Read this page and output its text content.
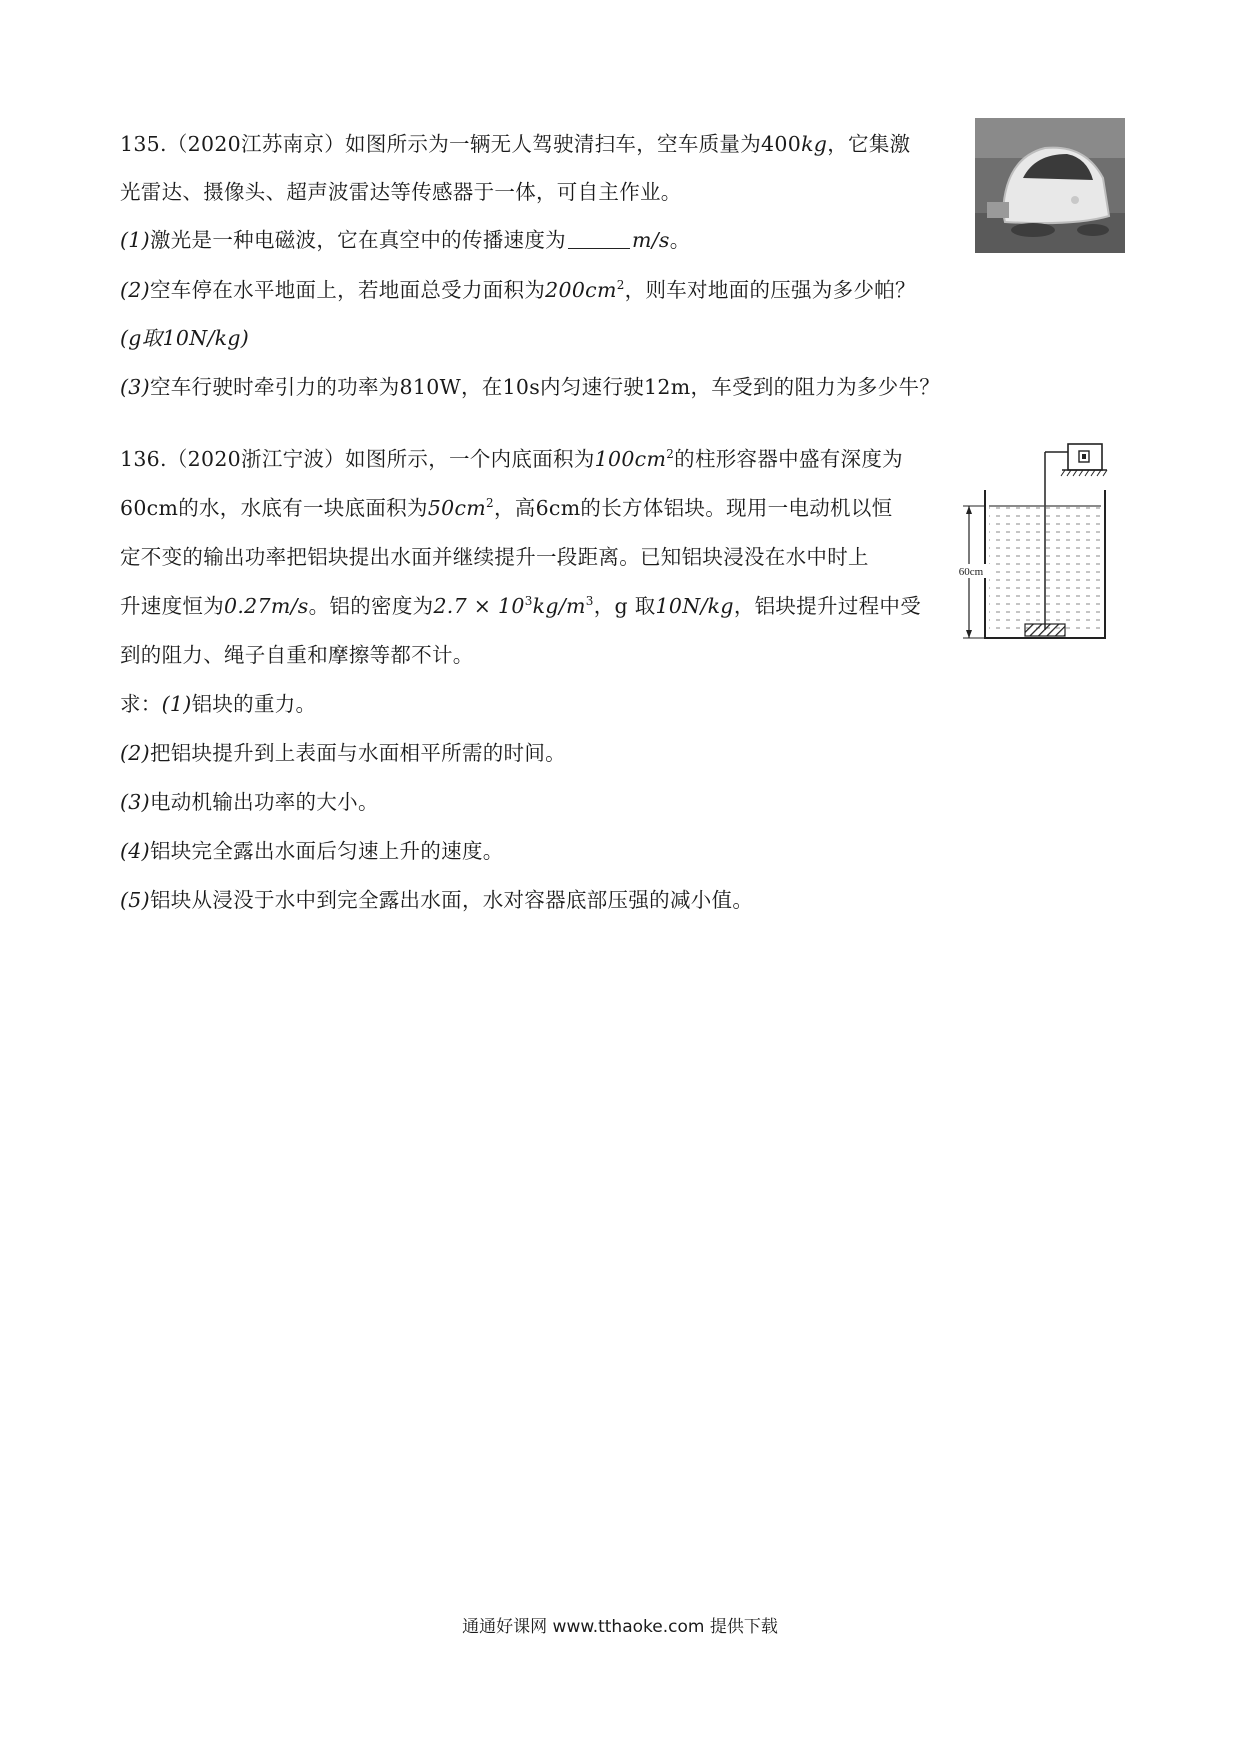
135.（2020江苏南京）如图所示为一辆无人驾驶清扫车，空车质量为400kg，它集激
光雷达、摄像头、超声波雷达等传感器于一体，可自主作业。
(1)激光是一种电磁波，它在真空中的传播速度为	m/s。
(2)空车停在水平地面上，若地面总受力面积为$200cm^2$，则车对地面的压强为多少帕？
(g取10N/kg)
(3)空车行驶时牵引力的功率为810W，在10s内匀速行驶12m，车受到的阻力为多少牛？
136.（2020浙江宁波）如图所示，一个内底面积为$100cm^2$的柱形容器中盛有深度为
60cm的水，水底有一块底面积为$50cm^2$，高6cm的长方体铝块。现用一电动机以恒
定不变的输出功率把铝块提出水面并继续提升一段距离。已知铝块浸没在水中时上
升速度恒为0.27m/s。铝的密度为$2.7 \times 10^3kg/m^3$，g 取10N/kg，铝块提升过程中受
到的阻力、绳子自重和摩擦等都不计。
求：(1)铝块的重力。
(2)把铝块提升到上表面与水面相平所需的时间。
(3)电动机输出功率的大小。
(4)铝块完全露出水面后匀速上升的速度。
(5)铝块从浸没于水中到完全露出水面，水对容器底部压强的减小值。
60cm
通通好课网 www.tthaoke.com 提供下载
